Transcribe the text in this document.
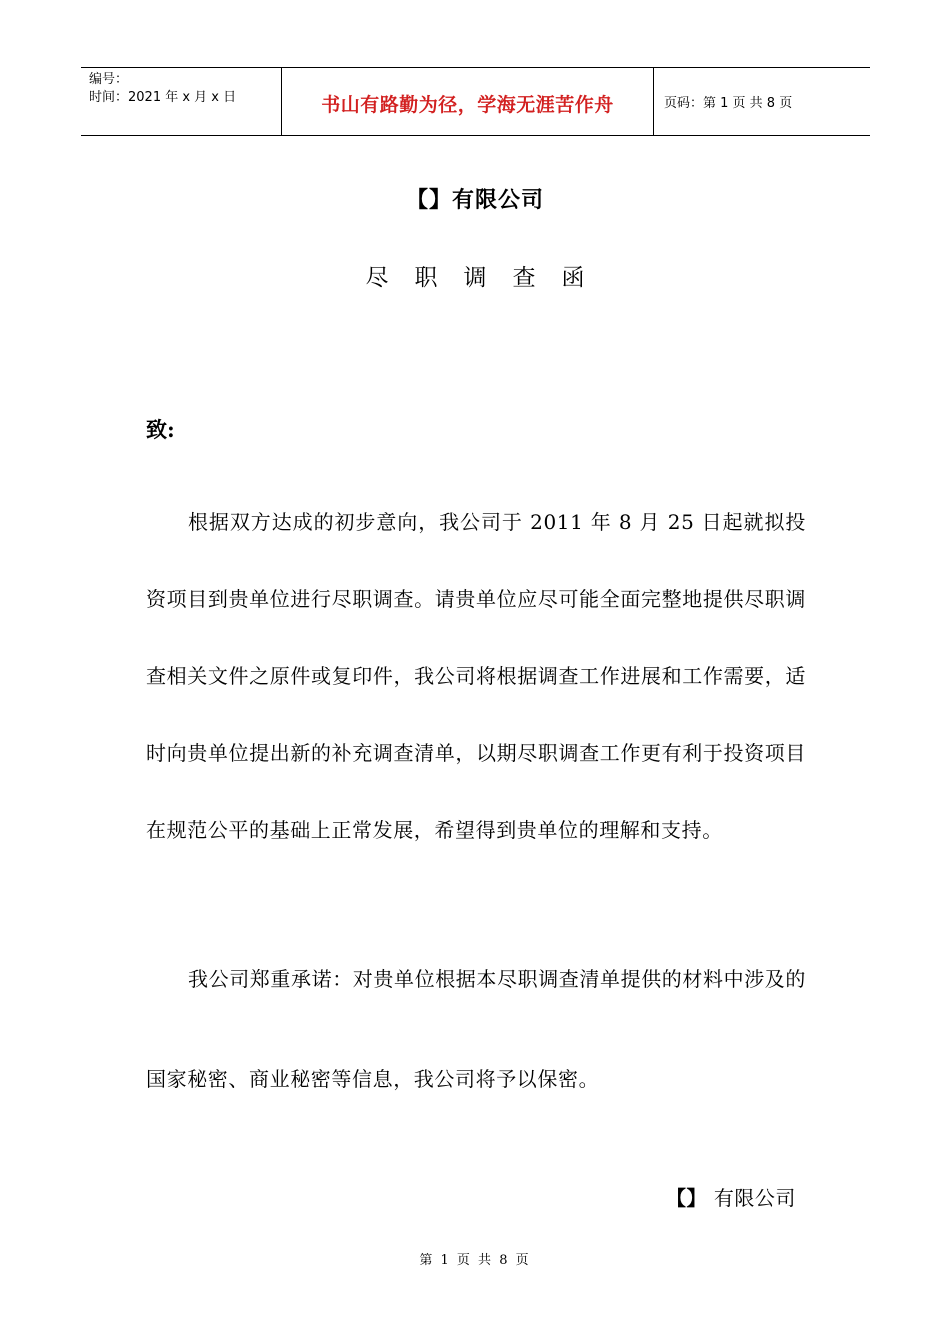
编号：
时间：2021 年 x 月 x 日	书山有路勤为径，学海无涯苦作舟	页码：第 1 页 共 8 页
【】有限公司
尽职调查函
致:
根据双方达成的初步意向，我公司于 2011 年 8 月 25 日起就拟投资项目到贵单位进行尽职调查。请贵单位应尽可能全面完整地提供尽职调查相关文件之原件或复印件，我公司将根据调查工作进展和工作需要，适时向贵单位提出新的补充调查清单，以期尽职调查工作更有利于投资项目在规范公平的基础上正常发展，希望得到贵单位的理解和支持。
我公司郑重承诺：对贵单位根据本尽职调查清单提供的材料中涉及的国家秘密、商业秘密等信息，我公司将予以保密。
【】 有限公司
第 1 页 共 8 页
